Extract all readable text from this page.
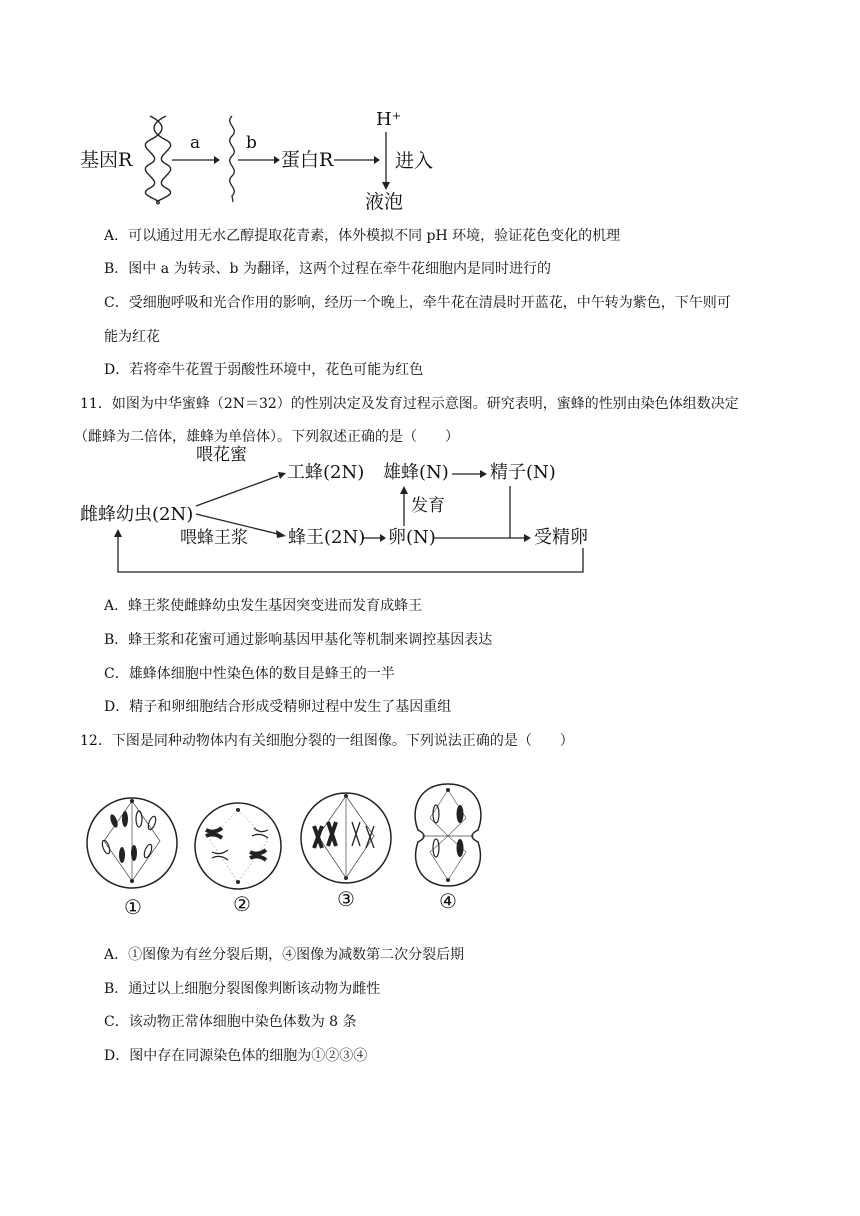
基因R
a	b
蛋白R
H⁺
进入
液泡
A．可以通过用无水乙醇提取花青素，体外模拟不同 pH 环境，验证花色变化的机理
B．图中 a 为转录、b 为翻译，这两个过程在牵牛花细胞内是同时进行的
C．受细胞呼吸和光合作用的影响，经历一个晚上，牵牛花在清晨时开蓝花，中午转为紫色，下午则可
能为红花
D．若将牵牛花置于弱酸性环境中，花色可能为红色
11．如图为中华蜜蜂（2N＝32）的性别决定及发育过程示意图。研究表明，蜜蜂的性别由染色体组数决定
（雌蜂为二倍体，雄蜂为单倍体）。下列叙述正确的是（　　）
雌蜂幼虫(2N)
喂花蜜
喂蜂王浆
工蜂(2N)
蜂王(2N) 卵(N)
发育
雄蜂(N) 精子(N)
受精卵
A．蜂王浆使雌蜂幼虫发生基因突变进而发育成蜂王
B．蜂王浆和花蜜可通过影响基因甲基化等机制来调控基因表达
C．雄蜂体细胞中性染色体的数目是蜂王的一半
D．精子和卵细胞结合形成受精卵过程中发生了基因重组
12．下图是同种动物体内有关细胞分裂的一组图像。下列说法正确的是（　　）
①	②	③	④
A．①图像为有丝分裂后期，④图像为减数第二次分裂后期
B．通过以上细胞分裂图像判断该动物为雌性
C．该动物正常体细胞中染色体数为 8 条
D．图中存在同源染色体的细胞为①②③④
